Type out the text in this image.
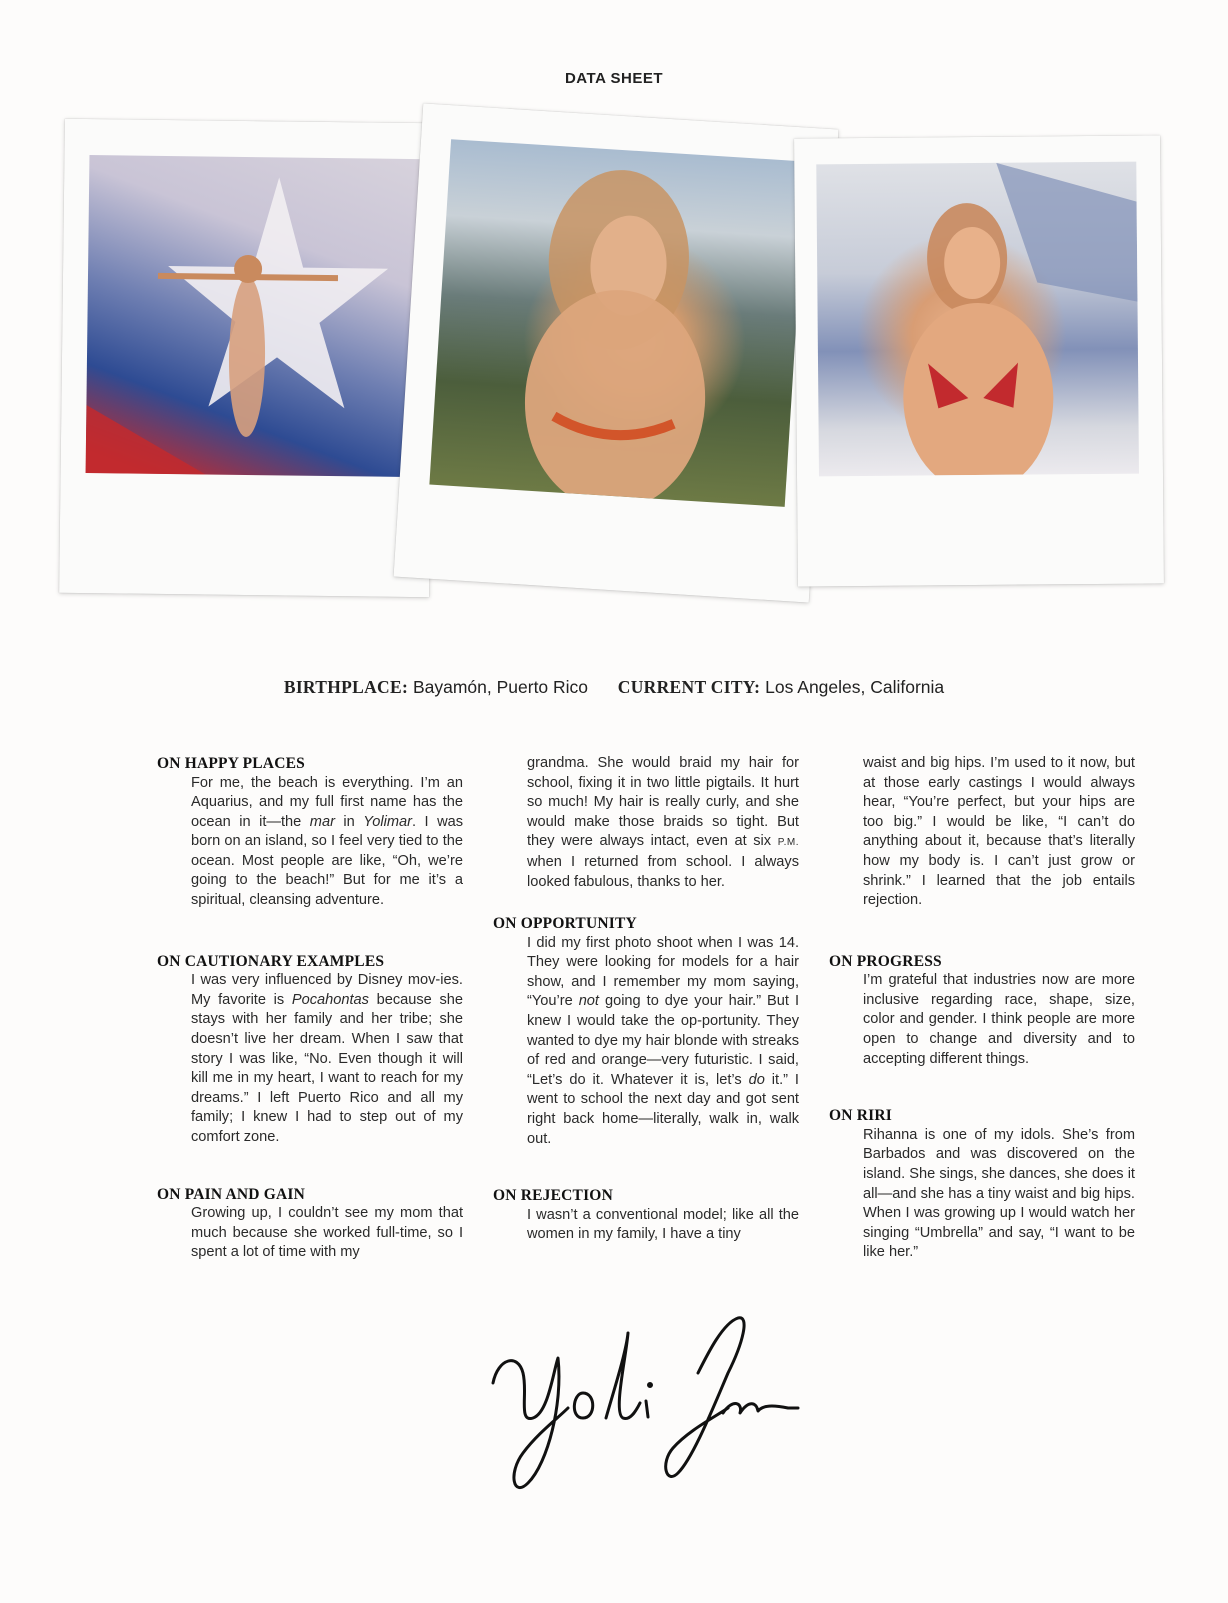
DATA SHEET
BIRTHPLACE: Bayamón, Puerto Rico CURRENT CITY: Los Angeles, California
ON HAPPY PLACES
For me, the beach is everything. I’m an Aquarius, and my full first name has the ocean in it—the mar in Yolimar. I was born on an island, so I feel very tied to the ocean. Most people are like, “Oh, we’re going to the beach!” But for me it’s a spiritual, cleansing adventure.
ON CAUTIONARY EXAMPLES
I was very influenced by Disney mov-ies. My favorite is Pocahontas because she stays with her family and her tribe; she doesn’t live her dream. When I saw that story I was like, “No. Even though it will kill me in my heart, I want to reach for my dreams.” I left Puerto Rico and all my family; I knew I had to step out of my comfort zone.
ON PAIN AND GAIN
Growing up, I couldn’t see my mom that much because she worked full-time, so I spent a lot of time with my
grandma. She would braid my hair for school, fixing it in two little pigtails. It hurt so much! My hair is really curly, and she would make those braids so tight. But they were always intact, even at six P.M. when I returned from school. I always looked fabulous, thanks to her.
ON OPPORTUNITY
I did my first photo shoot when I was 14. They were looking for models for a hair show, and I remember my mom saying, “You’re not going to dye your hair.” But I knew I would take the op-portunity. They wanted to dye my hair blonde with streaks of red and orange—very futuristic. I said, “Let’s do it. Whatever it is, let’s do it.” I went to school the next day and got sent right back home—literally, walk in, walk out.
ON REJECTION
I wasn’t a conventional model; like all the women in my family, I have a tiny
waist and big hips. I’m used to it now, but at those early castings I would always hear, “You’re perfect, but your hips are too big.” I would be like, “I can’t do anything about it, because that’s literally how my body is. I can’t just grow or shrink.” I learned that the job entails rejection.
ON PROGRESS
I’m grateful that industries now are more inclusive regarding race, shape, size, color and gender. I think people are more open to change and diversity and to accepting different things.
ON RIRI
Rihanna is one of my idols. She’s from Barbados and was discovered on the island. She sings, she dances, she does it all—and she has a tiny waist and big hips. When I was growing up I would watch her singing “Umbrella” and say, “I want to be like her.”
